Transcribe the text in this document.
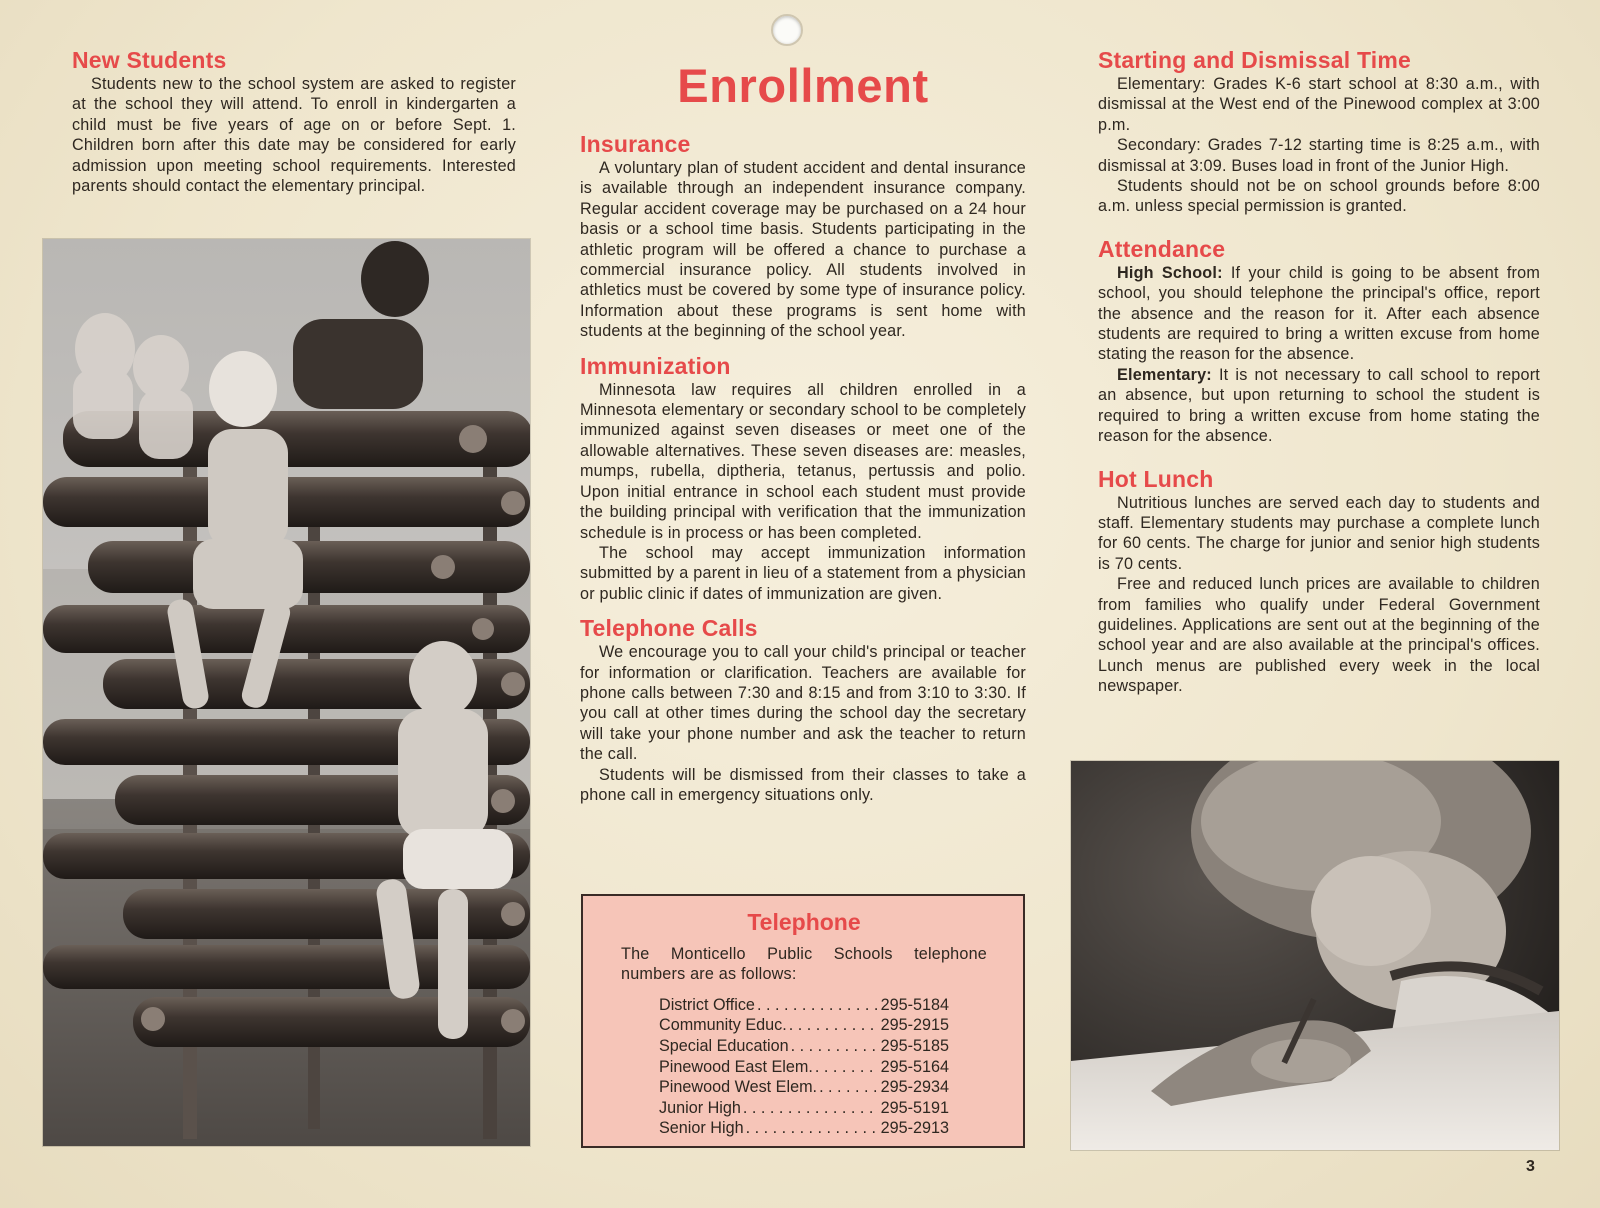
New Students

Students new to the school system are asked to register at the school they will attend. To enroll in kindergarten a child must be five years of age on or before Sept. 1. Children born after this date may be considered for early admission upon meeting school requirements. Interested parents should contact the elementary principal.

Enrollment
Insurance

A voluntary plan of student accident and dental insurance is available through an independent insurance company. Regular accident coverage may be purchased on a 24 hour basis or a school time basis. Students participating in the athletic program will be offered a chance to purchase a commercial insurance policy. All students involved in athletics must be covered by some type of insurance policy. Information about these programs is sent home with students at the beginning of the school year.

Immunization

Minnesota law requires all children enrolled in a Minnesota elementary or secondary school to be completely immunized against seven diseases or meet one of the allowable alternatives. These seven diseases are: measles, mumps, rubella, diptheria, tetanus, pertussis and polio. Upon initial entrance in school each student must provide the building principal with verification that the immunization schedule is in process or has been completed.

The school may accept immunization information submitted by a parent in lieu of a statement from a physician or public clinic if dates of immunization are given.

Telephone Calls

We encourage you to call your child's principal or teacher for information or clarification. Teachers are available for phone calls between 7:30 and 8:15 and from 3:10 to 3:30. If you call at other times during the school day the secretary will take your phone number and ask the teacher to return the call.

Students will be dismissed from their classes to take a phone call in emergency situations only.

Telephone

The Monticello Public Schools telephone numbers are as follows:

District Office . . .	295-5184
Community Educ. . . .	295-2915
Special Education . . .	295-5185
Pinewood East Elem. . . .	295-5164
Pinewood West Elem. . . .	295-2934
Junior High . . .	295-5191
Senior High . . .	295-2913
Starting and Dismissal Time

Elementary: Grades K-6 start school at 8:30 a.m., with dismissal at the West end of the Pinewood complex at 3:00 p.m.

Secondary: Grades 7-12 starting time is 8:25 a.m., with dismissal at 3:09. Buses load in front of the Junior High.

Students should not be on school grounds before 8:00 a.m. unless special permission is granted.

Attendance

High School: If your child is going to be absent from school, you should telephone the principal's office, report the absence and the reason for it. After each absence students are required to bring a written excuse from home stating the reason for the absence.

Elementary: It is not necessary to call school to report an absence, but upon returning to school the student is required to bring a written excuse from home stating the reason for the absence.

Hot Lunch

Nutritious lunches are served each day to students and staff. Elementary students may purchase a complete lunch for 60 cents. The charge for junior and senior high students is 70 cents.

Free and reduced lunch prices are available to children from families who qualify under Federal Government guidelines. Applications are sent out at the beginning of the school year and are also available at the principal's offices. Lunch menus are published every week in the local newspaper.

3
